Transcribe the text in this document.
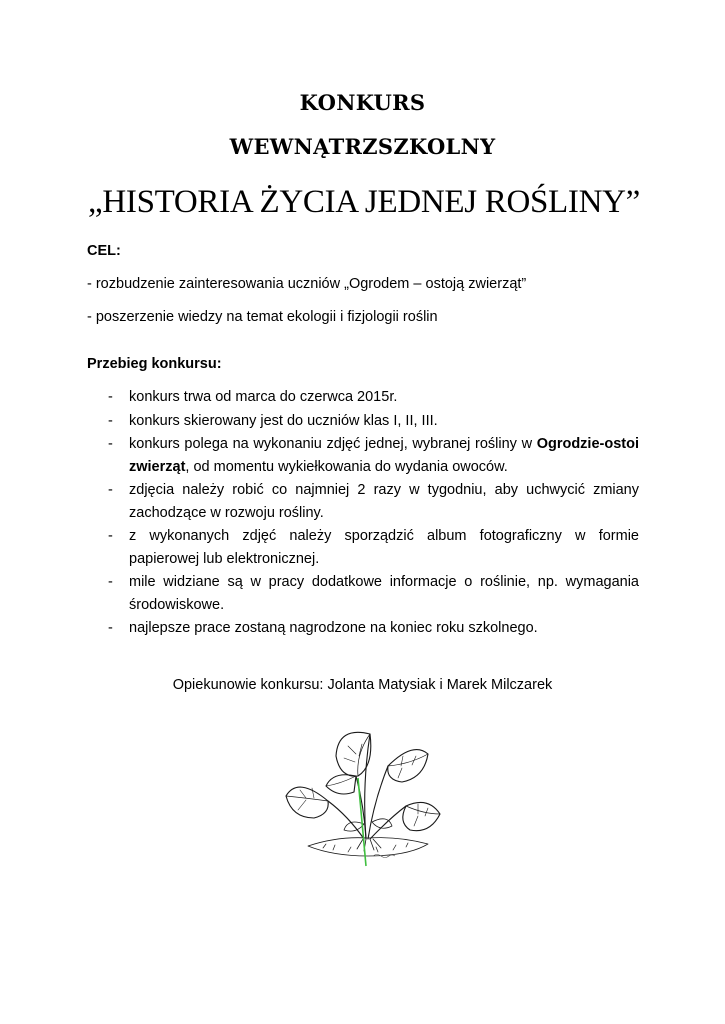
KONKURS
WEWNĄTRZSZKOLNY
„HISTORIA ŻYCIA JEDNEJ ROŚLINY”
CEL:
- rozbudzenie zainteresowania uczniów „Ogrodem – ostoją zwierząt”
- poszerzenie wiedzy na temat ekologii i fizjologii roślin
Przebieg konkursu:
- konkurs trwa od marca do czerwca 2015r.
- konkurs skierowany jest do uczniów klas I, II, III.
- konkurs polega na wykonaniu zdjęć jednej, wybranej rośliny w Ogrodzie-ostoi zwierząt, od momentu wykiełkowania do wydania owoców.
- zdjęcia należy robić co najmniej 2 razy w tygodniu, aby uchwycić zmiany zachodzące w rozwoju rośliny.
- z wykonanych zdjęć należy sporządzić album fotograficzny w formie papierowej lub elektronicznej.
- mile widziane są w pracy dodatkowe informacje o roślinie, np. wymagania środowiskowe.
- najlepsze prace zostaną nagrodzone na koniec roku szkolnego.
Opiekunowie konkursu: Jolanta Matysiak i Marek Milczarek
